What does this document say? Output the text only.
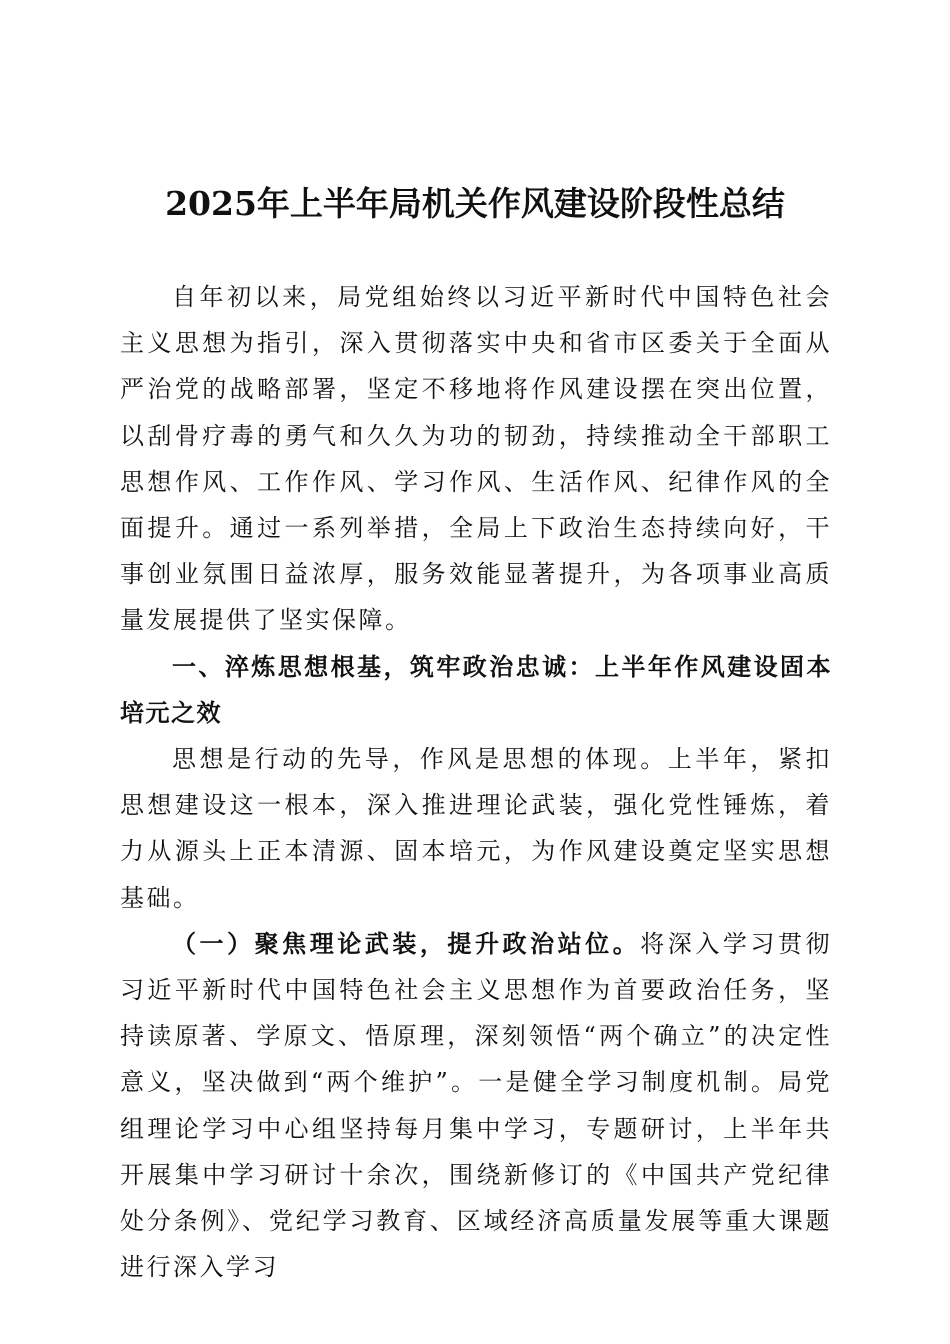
2025年上半年局机关作风建设阶段性总结

自年初以来，局党组始终以习近平新时代中国特色社会主义思想为指引，深入贯彻落实中央和省市区委关于全面从严治党的战略部署，坚定不移地将作风建设摆在突出位置，以刮骨疗毒的勇气和久久为功的韧劲，持续推动全干部职工思想作风、工作作风、学习作风、生活作风、纪律作风的全面提升。通过一系列举措，全局上下政治生态持续向好，干事创业氛围日益浓厚，服务效能显著提升，为各项事业高质量发展提供了坚实保障。

一、淬炼思想根基，筑牢政治忠诚：上半年作风建设固本培元之效

思想是行动的先导，作风是思想的体现。上半年，紧扣思想建设这一根本，深入推进理论武装，强化党性锤炼，着力从源头上正本清源、固本培元，为作风建设奠定坚实思想基础。

（一）聚焦理论武装，提升政治站位。将深入学习贯彻习近平新时代中国特色社会主义思想作为首要政治任务，坚持读原著、学原文、悟原理，深刻领悟“两个确立”的决定性意义，坚决做到“两个维护”。一是健全学习制度机制。局党组理论学习中心组坚持每月集中学习，专题研讨，上半年共开展集中学习研讨十余次，围绕新修订的《中国共产党纪律处分条例》、党纪学习教育、区域经济高质量发展等重大课题进行深入学习
